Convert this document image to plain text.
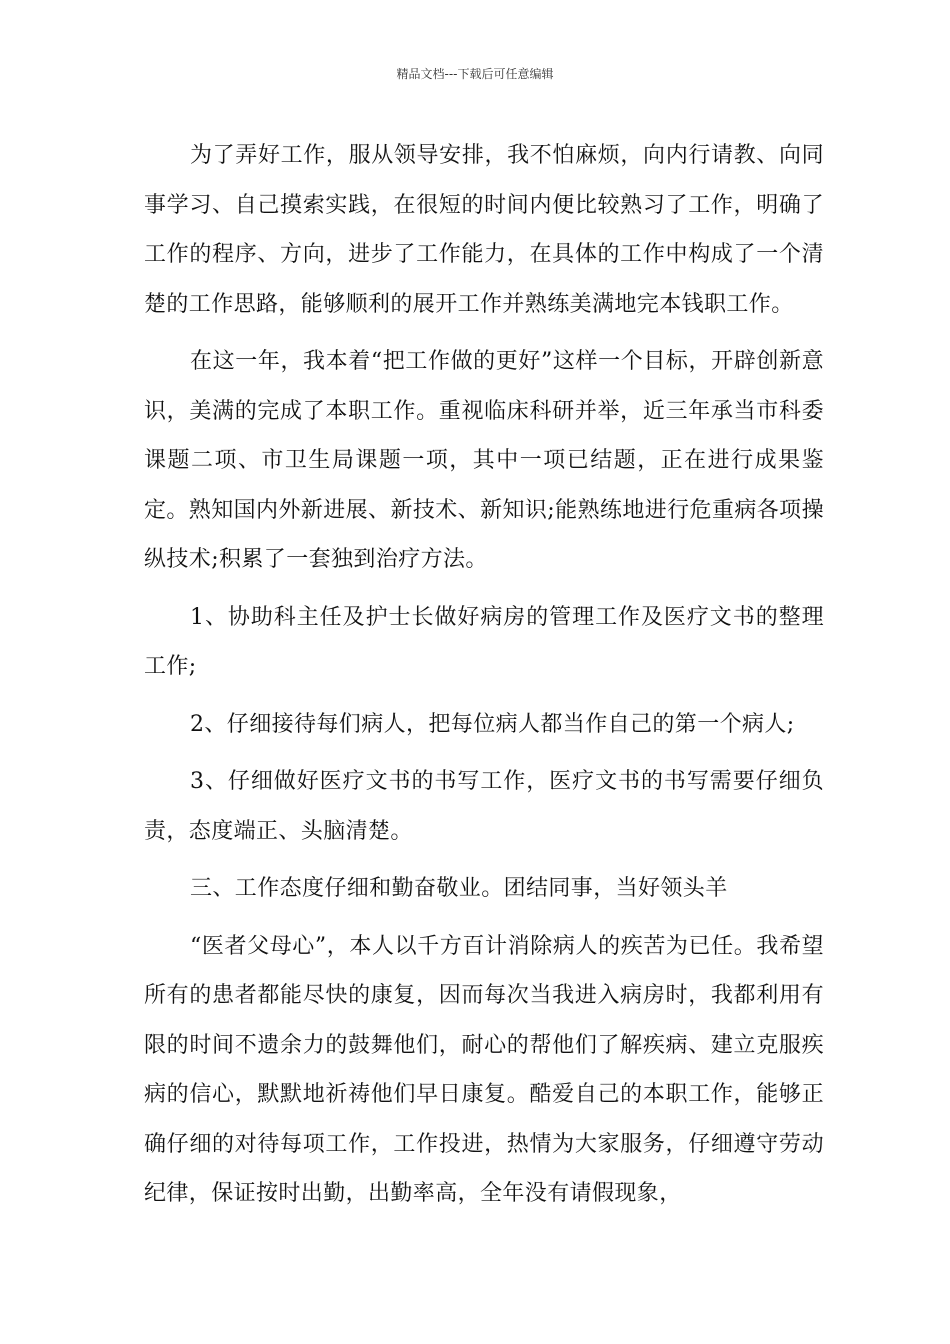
精品文档---下载后可任意编辑

为了弄好工作，服从领导安排，我不怕麻烦，向内行请教、向同事学习、自己摸索实践，在很短的时间内便比较熟习了工作，明确了工作的程序、方向，进步了工作能力，在具体的工作中构成了一个清楚的工作思路，能够顺利的展开工作并熟练美满地完本钱职工作。

在这一年，我本着“把工作做的更好”这样一个目标，开辟创新意识，美满的完成了本职工作。重视临床科研并举，近三年承当市科委课题二项、市卫生局课题一项，其中一项已结题，正在进行成果鉴定。熟知国内外新进展、新技术、新知识;能熟练地进行危重病各项操纵技术;积累了一套独到治疗方法。

1、协助科主任及护士长做好病房的管理工作及医疗文书的整理工作;

2、仔细接待每们病人，把每位病人都当作自己的第一个病人;

3、仔细做好医疗文书的书写工作，医疗文书的书写需要仔细负责，态度端正、头脑清楚。

三、工作态度仔细和勤奋敬业。团结同事，当好领头羊

“医者父母心”，本人以千方百计消除病人的疾苦为已任。我希望所有的患者都能尽快的康复，因而每次当我进入病房时，我都利用有限的时间不遗余力的鼓舞他们，耐心的帮他们了解疾病、建立克服疾病的信心，默默地祈祷他们早日康复。酷爱自己的本职工作，能够正确仔细的对待每项工作，工作投进，热情为大家服务，仔细遵守劳动纪律，保证按时出勤，出勤率高，全年没有请假现象，
